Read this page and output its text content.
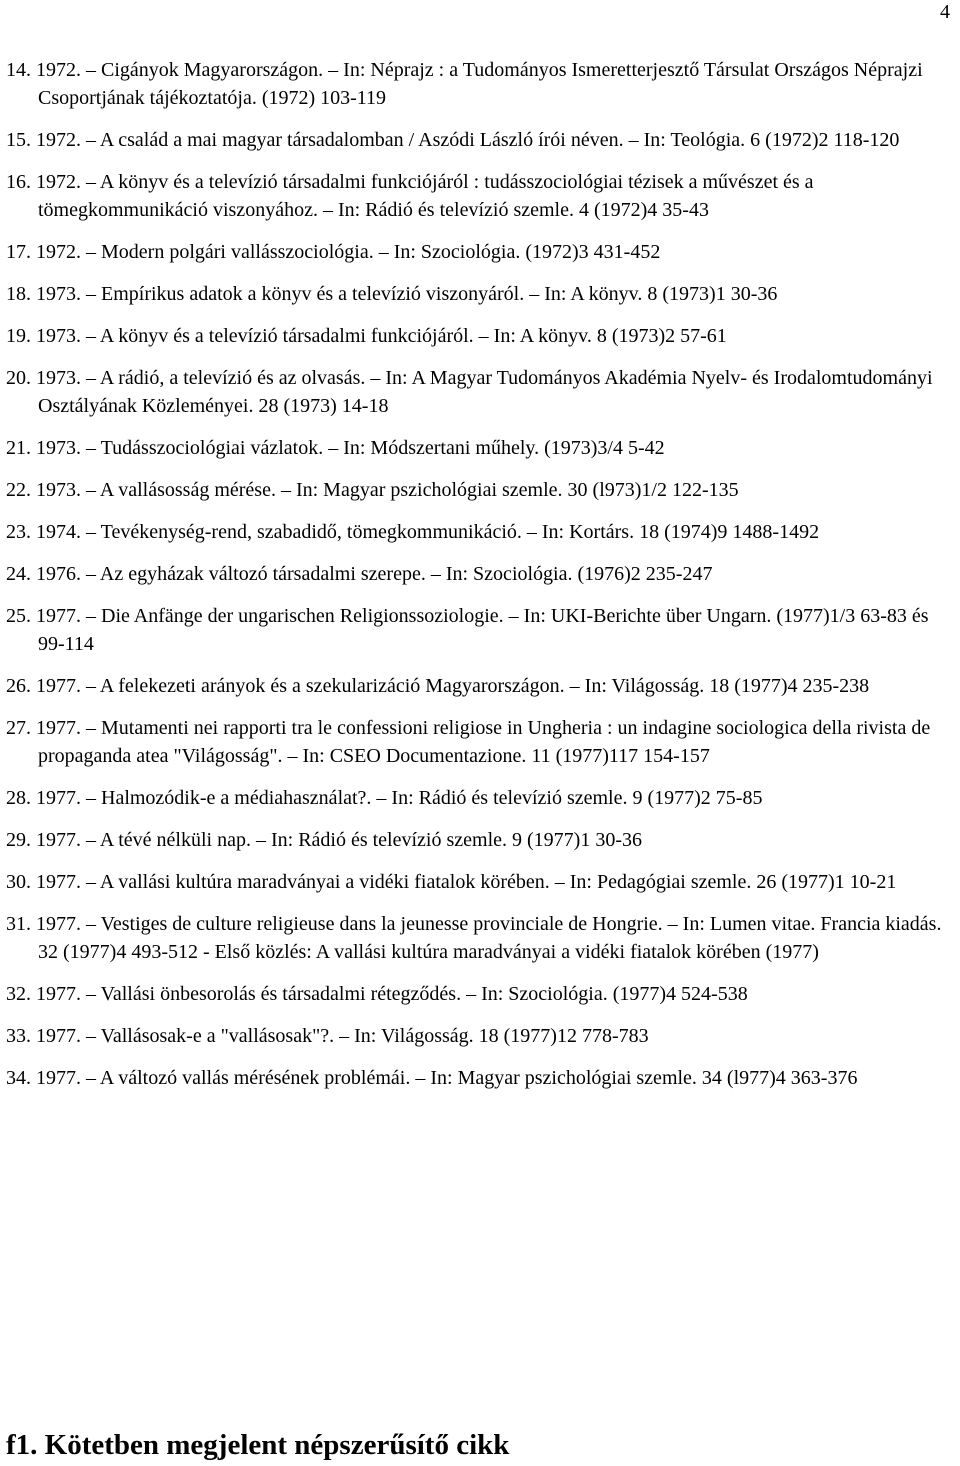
4

14. 1972. – Cigányok Magyarországon. – In: Néprajz : a Tudományos Ismeretterjesztő Társulat Országos Néprajzi Csoportjának tájékoztatója. (1972) 103-119

15. 1972. – A család a mai magyar társadalomban / Aszódi László írói néven. – In: Teológia. 6 (1972)2 118-120

16. 1972. – A könyv és a televízió társadalmi funkciójáról : tudásszociológiai tézisek a művészet és a tömegkommunikáció viszonyához. – In: Rádió és televízió szemle. 4 (1972)4 35-43

17. 1972. – Modern polgári vallásszociológia. – In: Szociológia. (1972)3 431-452

18. 1973. – Empírikus adatok a könyv és a televízió viszonyáról. – In: A könyv. 8 (1973)1 30-36

19. 1973. – A könyv és a televízió társadalmi funkciójáról. – In: A könyv. 8 (1973)2 57-61

20. 1973. – A rádió, a televízió és az olvasás. – In: A Magyar Tudományos Akadémia Nyelv- és Irodalomtudományi Osztályának Közleményei. 28 (1973) 14-18

21. 1973. – Tudásszociológiai vázlatok. – In: Módszertani műhely. (1973)3/4 5-42

22. 1973. – A vallásosság mérése. – In: Magyar pszichológiai szemle. 30 (l973)1/2 122-135

23. 1974. – Tevékenység-rend, szabadidő, tömegkommunikáció. – In: Kortárs. 18 (1974)9 1488-1492

24. 1976. – Az egyházak változó társadalmi szerepe. – In: Szociológia. (1976)2 235-247

25. 1977. – Die Anfänge der ungarischen Religionssoziologie. – In: UKI-Berichte über Ungarn. (1977)1/3 63-83 és 99-114

26. 1977. – A felekezeti arányok és a szekularizáció Magyarországon. – In: Világosság. 18 (1977)4 235-238

27. 1977. – Mutamenti nei rapporti tra le confessioni religiose in Ungheria : un indagine sociologica della rivista de propaganda atea "Világosság". – In: CSEO Documentazione. 11 (1977)117 154-157

28. 1977. – Halmozódik-e a médiahasználat?. – In: Rádió és televízió szemle. 9 (1977)2 75-85

29. 1977. – A tévé nélküli nap. – In: Rádió és televízió szemle. 9 (1977)1 30-36

30. 1977. – A vallási kultúra maradványai a vidéki fiatalok körében. – In: Pedagógiai szemle. 26 (1977)1 10-21

31. 1977. – Vestiges de culture religieuse dans la jeunesse provinciale de Hongrie. – In: Lumen vitae. Francia kiadás. 32 (1977)4 493-512 - Első közlés: A vallási kultúra maradványai a vidéki fiatalok körében (1977)

32. 1977. – Vallási önbesorolás és társadalmi rétegződés. – In: Szociológia. (1977)4 524-538

33. 1977. – Vallásosak-e a "vallásosak"?. – In: Világosság. 18 (1977)12 778-783

34. 1977. – A változó vallás mérésének problémái. – In: Magyar pszichológiai szemle. 34 (l977)4 363-376

f1. Kötetben megjelent népszerűsítő cikk
